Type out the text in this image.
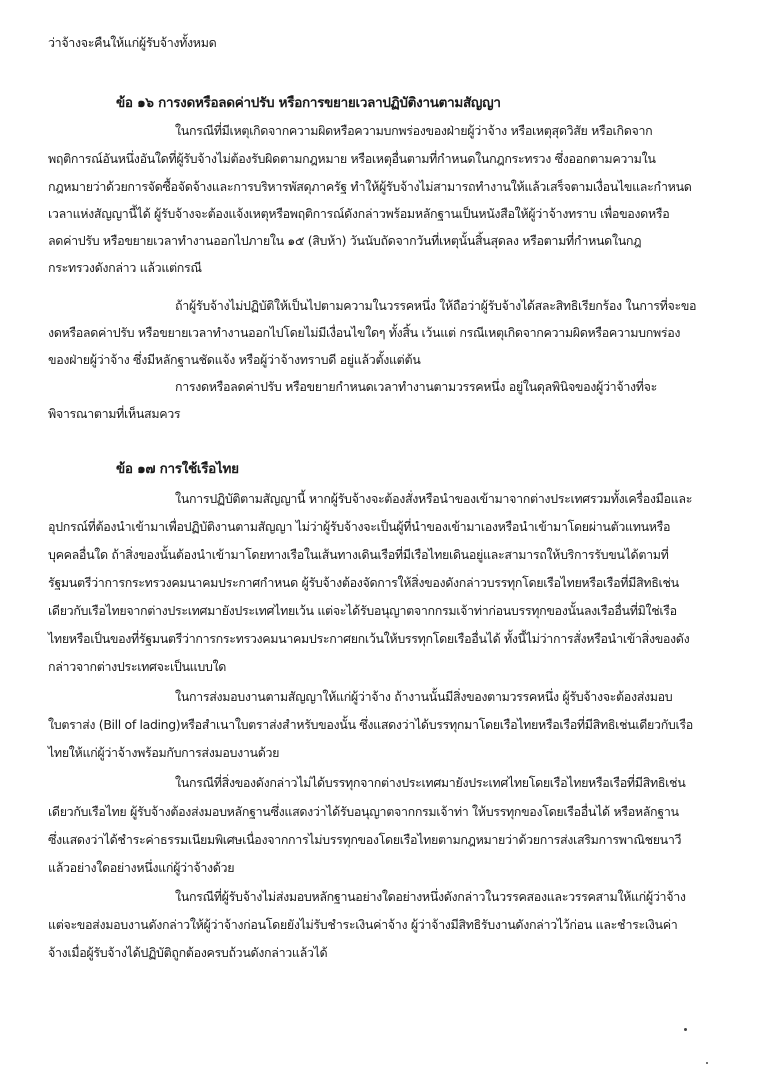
ว่าจ้างจะคืนให้แก่ผู้รับจ้างทั้งหมด
ข้อ ๑๖ การงดหรือลดค่าปรับ หรือการขยายเวลาปฏิบัติงานตามสัญญา
ในกรณีที่มีเหตุเกิดจากความผิดหรือความบกพร่องของฝ่ายผู้ว่าจ้าง หรือเหตุสุดวิสัย หรือเกิดจาก
พฤติการณ์อันหนึ่งอันใดที่ผู้รับจ้างไม่ต้องรับผิดตามกฎหมาย หรือเหตุอื่นตามที่กำหนดในกฎกระทรวง ซึ่งออกตามความใน
กฎหมายว่าด้วยการจัดซื้อจัดจ้างและการบริหารพัสดุภาครัฐ ทำให้ผู้รับจ้างไม่สามารถทำงานให้แล้วเสร็จตามเงื่อนไขและกำหนด
เวลาแห่งสัญญานี้ได้ ผู้รับจ้างจะต้องแจ้งเหตุหรือพฤติการณ์ดังกล่าวพร้อมหลักฐานเป็นหนังสือให้ผู้ว่าจ้างทราบ เพื่อของดหรือ
ลดค่าปรับ หรือขยายเวลาทำงานออกไปภายใน ๑๕ (สิบห้า) วันนับถัดจากวันที่เหตุนั้นสิ้นสุดลง หรือตามที่กำหนดในกฎ
กระทรวงดังกล่าว แล้วแต่กรณี
ถ้าผู้รับจ้างไม่ปฏิบัติให้เป็นไปตามความในวรรคหนึ่ง ให้ถือว่าผู้รับจ้างได้สละสิทธิเรียกร้อง ในการที่จะขอ
งดหรือลดค่าปรับ หรือขยายเวลาทำงานออกไปโดยไม่มีเงื่อนไขใดๆ ทั้งสิ้น เว้นแต่ กรณีเหตุเกิดจากความผิดหรือความบกพร่อง
ของฝ่ายผู้ว่าจ้าง ซึ่งมีหลักฐานชัดแจ้ง หรือผู้ว่าจ้างทราบดี อยู่แล้วตั้งแต่ต้น
การงดหรือลดค่าปรับ หรือขยายกำหนดเวลาทำงานตามวรรคหนึ่ง อยู่ในดุลพินิจของผู้ว่าจ้างที่จะ
พิจารณาตามที่เห็นสมควร
ข้อ ๑๗ การใช้เรือไทย
ในการปฏิบัติตามสัญญานี้ หากผู้รับจ้างจะต้องสั่งหรือนำของเข้ามาจากต่างประเทศรวมทั้งเครื่องมือและ
อุปกรณ์ที่ต้องนำเข้ามาเพื่อปฏิบัติงานตามสัญญา ไม่ว่าผู้รับจ้างจะเป็นผู้ที่นำของเข้ามาเองหรือนำเข้ามาโดยผ่านตัวแทนหรือ
บุคคลอื่นใด ถ้าสิ่งของนั้นต้องนำเข้ามาโดยทางเรือในเส้นทางเดินเรือที่มีเรือไทยเดินอยู่และสามารถให้บริการรับขนได้ตามที่
รัฐมนตรีว่าการกระทรวงคมนาคมประกาศกำหนด ผู้รับจ้างต้องจัดการให้สิ่งของดังกล่าวบรรทุกโดยเรือไทยหรือเรือที่มีสิทธิเช่น
เดียวกับเรือไทยจากต่างประเทศมายังประเทศไทยเว้น แต่จะได้รับอนุญาตจากกรมเจ้าท่าก่อนบรรทุกของนั้นลงเรืออื่นที่มิใช่เรือ
ไทยหรือเป็นของที่รัฐมนตรีว่าการกระทรวงคมนาคมประกาศยกเว้นให้บรรทุกโดยเรืออื่นได้ ทั้งนี้ไม่ว่าการสั่งหรือนำเข้าสิ่งของดัง
กล่าวจากต่างประเทศจะเป็นแบบใด
ในการส่งมอบงานตามสัญญาให้แก่ผู้ว่าจ้าง ถ้างานนั้นมีสิ่งของตามวรรคหนึ่ง ผู้รับจ้างจะต้องส่งมอบ
ใบตราส่ง (Bill of lading)หรือสำเนาใบตราส่งสำหรับของนั้น ซึ่งแสดงว่าได้บรรทุกมาโดยเรือไทยหรือเรือที่มีสิทธิเช่นเดียวกับเรือ
ไทยให้แก่ผู้ว่าจ้างพร้อมกับการส่งมอบงานด้วย
ในกรณีที่สิ่งของดังกล่าวไม่ได้บรรทุกจากต่างประเทศมายังประเทศไทยโดยเรือไทยหรือเรือที่มีสิทธิเช่น
เดียวกับเรือไทย ผู้รับจ้างต้องส่งมอบหลักฐานซึ่งแสดงว่าได้รับอนุญาตจากกรมเจ้าท่า ให้บรรทุกของโดยเรืออื่นได้ หรือหลักฐาน
ซึ่งแสดงว่าได้ชำระค่าธรรมเนียมพิเศษเนื่องจากการไม่บรรทุกของโดยเรือไทยตามกฎหมายว่าด้วยการส่งเสริมการพาณิชยนาวี
แล้วอย่างใดอย่างหนึ่งแก่ผู้ว่าจ้างด้วย
ในกรณีที่ผู้รับจ้างไม่ส่งมอบหลักฐานอย่างใดอย่างหนึ่งดังกล่าวในวรรคสองและวรรคสามให้แก่ผู้ว่าจ้าง
แต่จะขอส่งมอบงานดังกล่าวให้ผู้ว่าจ้างก่อนโดยยังไม่รับชำระเงินค่าจ้าง ผู้ว่าจ้างมีสิทธิรับงานดังกล่าวไว้ก่อน และชำระเงินค่า
จ้างเมื่อผู้รับจ้างได้ปฏิบัติถูกต้องครบถ้วนดังกล่าวแล้วได้
